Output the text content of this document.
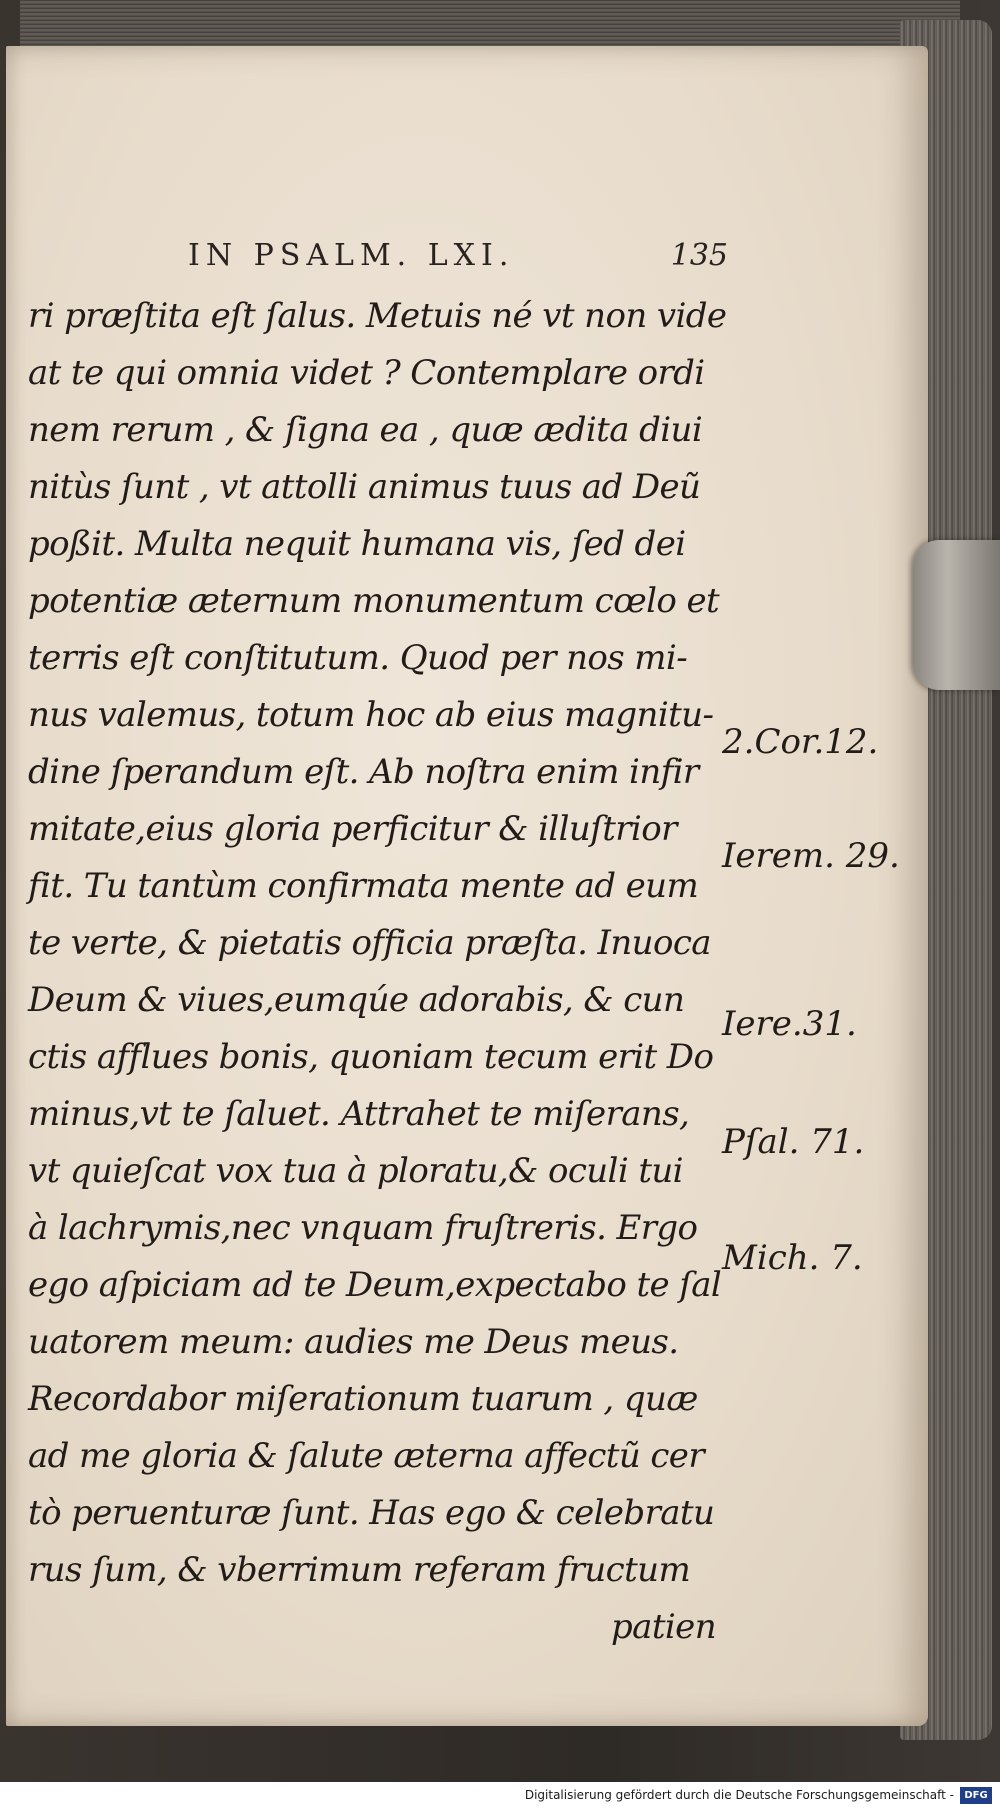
IN PSALM. LXI.	135
ri præſtita eſt ſalus. Metuis né vt non vide
at te qui omnia videt ? Contemplare ordi
nem rerum , & ſigna ea , quæ ædita diui
nitùs ſunt , vt attolli animus tuus ad Deũ
poßit. Multa nequit humana vis, ſed dei
potentiæ æternum monumentum cœlo et
terris eſt conſtitutum. Quod per nos mi-
nus valemus, totum hoc ab eius magnitu-
dine ſperandum eſt. Ab noſtra enim infir
mitate,eius gloria perficitur & illuſtrior
fit. Tu tantùm confirmata mente ad eum
te verte, & pietatis officia præſta. Inuoca
Deum & viues,eumqúe adorabis, & cun
ctis afflues bonis, quoniam tecum erit Do
minus,vt te ſaluet. Attrahet te miſerans,
vt quieſcat vox tua à ploratu,& oculi tui
à lachrymis,nec vnquam fruſtreris. Ergo
ego aſpiciam ad te Deum,expectabo te ſal
uatorem meum: audies me Deus meus.
Recordabor miſerationum tuarum , quæ
ad me gloria & ſalute æterna affectũ cer
tò peruenturæ ſunt. Has ego & celebratu
rus ſum, & vberrimum referam fructum
patien
2.Cor.12.
Ierem. 29.
Iere.31.
Pſal. 71.
Mich. 7.
Digitalisierung gefördert durch die Deutsche Forschungsgemeinschaft -	DFG
